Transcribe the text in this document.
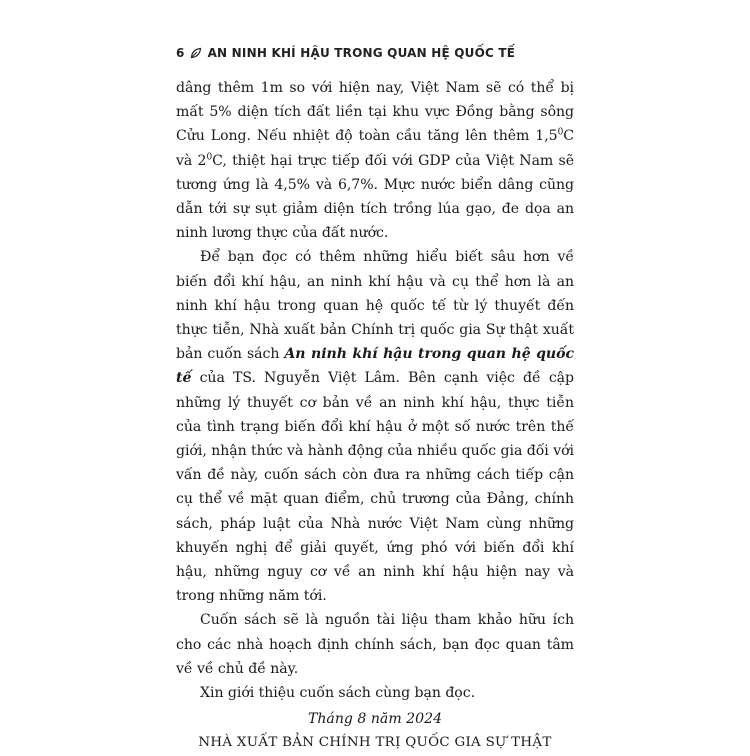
6 AN NINH KHÍ HẬU TRONG QUAN HỆ QUỐC TẾ

dâng thêm 1m so với hiện nay, Việt Nam sẽ có thể bị mất 5% diện tích đất liền tại khu vực Đồng bằng sông Cửu Long. Nếu nhiệt độ toàn cầu tăng lên thêm $1,5^0C$ và $2^0C$, thiệt hại trực tiếp đối với GDP của Việt Nam sẽ tương ứng là 4,5% và 6,7%. Mực nước biển dâng cũng dẫn tới sự sụt giảm diện tích trồng lúa gạo, đe dọa an ninh lương thực của đất nước.

Để bạn đọc có thêm những hiểu biết sâu hơn về biến đổi khí hậu, an ninh khí hậu và cụ thể hơn là an ninh khí hậu trong quan hệ quốc tế từ lý thuyết đến thực tiễn, Nhà xuất bản Chính trị quốc gia Sự thật xuất bản cuốn sách An ninh khí hậu trong quan hệ quốc tế của TS. Nguyễn Việt Lâm. Bên cạnh việc đề cập những lý thuyết cơ bản về an ninh khí hậu, thực tiễn của tình trạng biến đổi khí hậu ở một số nước trên thế giới, nhận thức và hành động của nhiều quốc gia đối với vấn đề này, cuốn sách còn đưa ra những cách tiếp cận cụ thể về mặt quan điểm, chủ trương của Đảng, chính sách, pháp luật của Nhà nước Việt Nam cùng những khuyến nghị để giải quyết, ứng phó với biến đổi khí hậu, những nguy cơ về an ninh khí hậu hiện nay và trong những năm tới.

Cuốn sách sẽ là nguồn tài liệu tham khảo hữu ích cho các nhà hoạch định chính sách, bạn đọc quan tâm về về chủ đề này.

Xin giới thiệu cuốn sách cùng bạn đọc.

Tháng 8 năm 2024
NHÀ XUẤT BẢN CHÍNH TRỊ QUỐC GIA SỰ THẬT
